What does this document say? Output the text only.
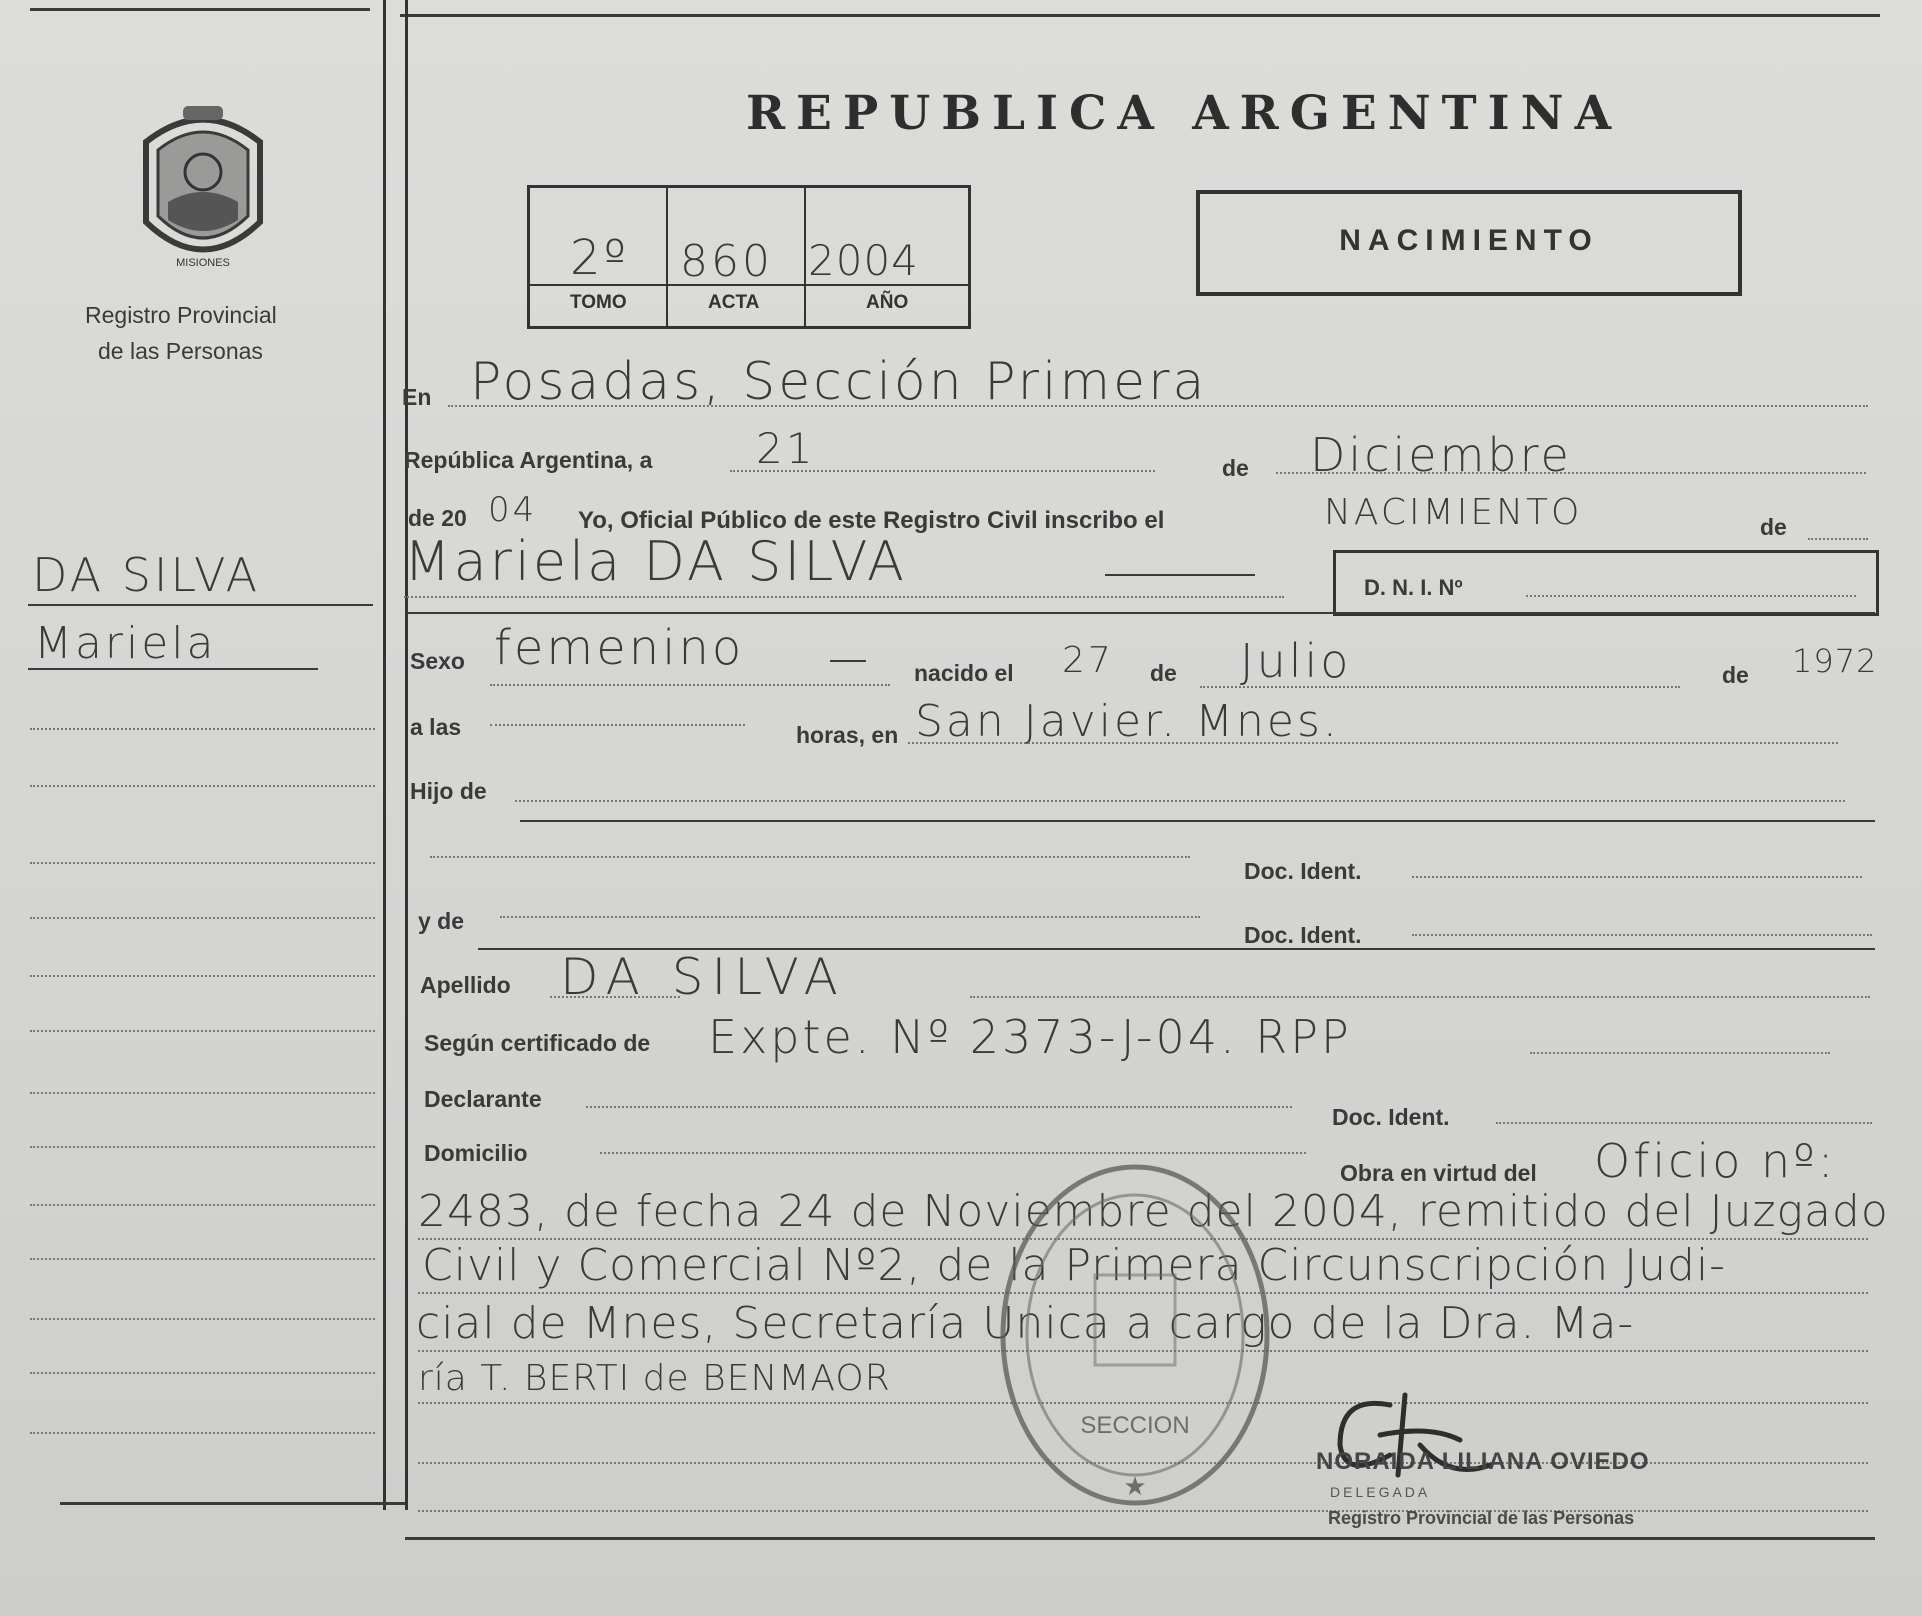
MISIONES
Registro Provincial
de las Personas
DA SILVA
Mariela
REPUBLICA ARGENTINA
2º 860 2004
TOMO	ACTA	AÑO
NACIMIENTO
En Posadas, Sección Primera
República Argentina, a 21	de Diciembre
de 20 04 Yo, Oficial Público de este Registro Civil inscribo el	NACIMIENTO	de
Mariela DA SILVA	D. N. I. Nº
Sexo femenino	nacido el 27 de Julio	de 1972
a las	horas, en San Javier. Mnes.
Hijo de
Doc. Ident.
y de
Doc. Ident.
Apellido DA SILVA
Según certificado de Expte. Nº 2373-J-04. RPP
Declarante
Doc. Ident.
Domicilio
Obra en virtud del Oficio nº:
2483, de fecha 24 de Noviembre del 2004, remitido del Juzgado
Civil y Comercial Nº2, de la Primera Circunscripción Judi-
cial de Mnes, Secretaría Unica a cargo de la Dra. Ma-
ría T. BERTI de BENMAOR
SECCION
★
NORAIDA LILIANA OVIEDO
DELEGADA
Registro Provincial de las Personas
